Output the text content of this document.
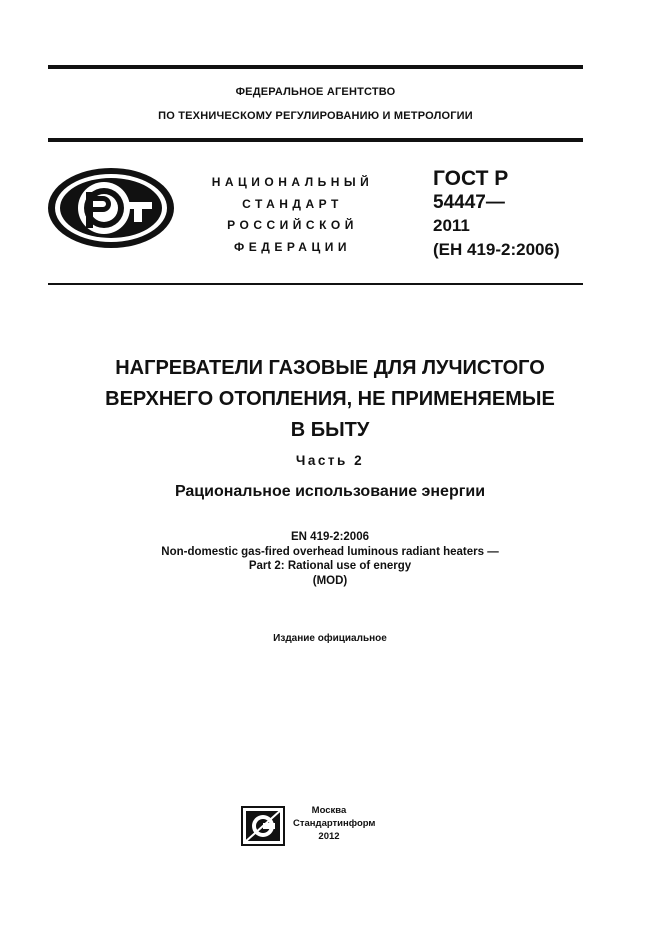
ФЕДЕРАЛЬНОЕ АГЕНТСТВО
ПО ТЕХНИЧЕСКОМУ РЕГУЛИРОВАНИЮ И МЕТРОЛОГИИ
НАЦИОНАЛЬНЫЙ
СТАНДАРТ
РОССИЙСКОЙ
ФЕДЕРАЦИИ
ГОСТ Р
54447—
2011
(ЕН 419-2:2006)
НАГРЕВАТЕЛИ ГАЗОВЫЕ ДЛЯ ЛУЧИСТОГО
ВЕРХНЕГО ОТОПЛЕНИЯ, НЕ ПРИМЕНЯЕМЫЕ
В БЫТУ
Часть 2
Рациональное использование энергии
EN 419-2:2006
Non-domestic gas-fired overhead luminous radiant heaters —
Part 2: Rational use of energy
(MOD)
Издание официальное
Москва
Стандартинформ
2012
